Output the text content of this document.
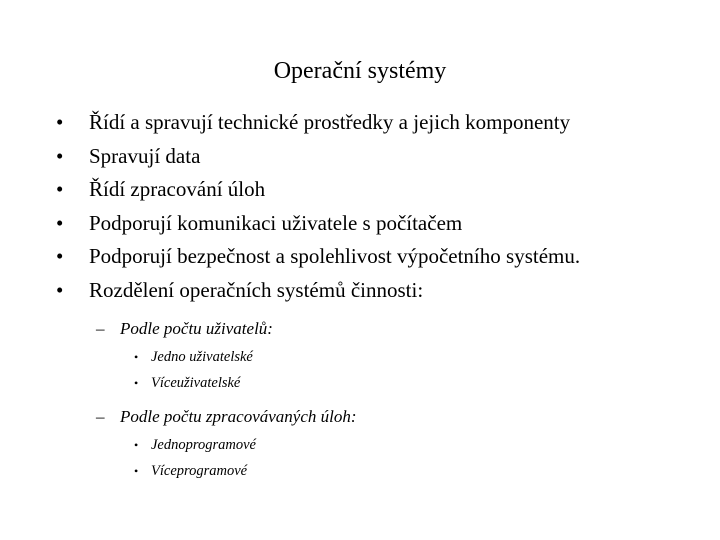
Operační systémy
• Řídí a spravují technické prostředky a jejich komponenty
• Spravují data
• Řídí zpracování úloh
• Podporují komunikaci uživatele s počítačem
• Podporují bezpečnost a spolehlivost výpočetního systému.
• Rozdělení operačních systémů činnosti:
– Podle počtu uživatelů:
• Jedno uživatelské
• Víceuživatelské
– Podle počtu zpracovávaných úloh:
• Jednoprogramové
• Víceprogramové
